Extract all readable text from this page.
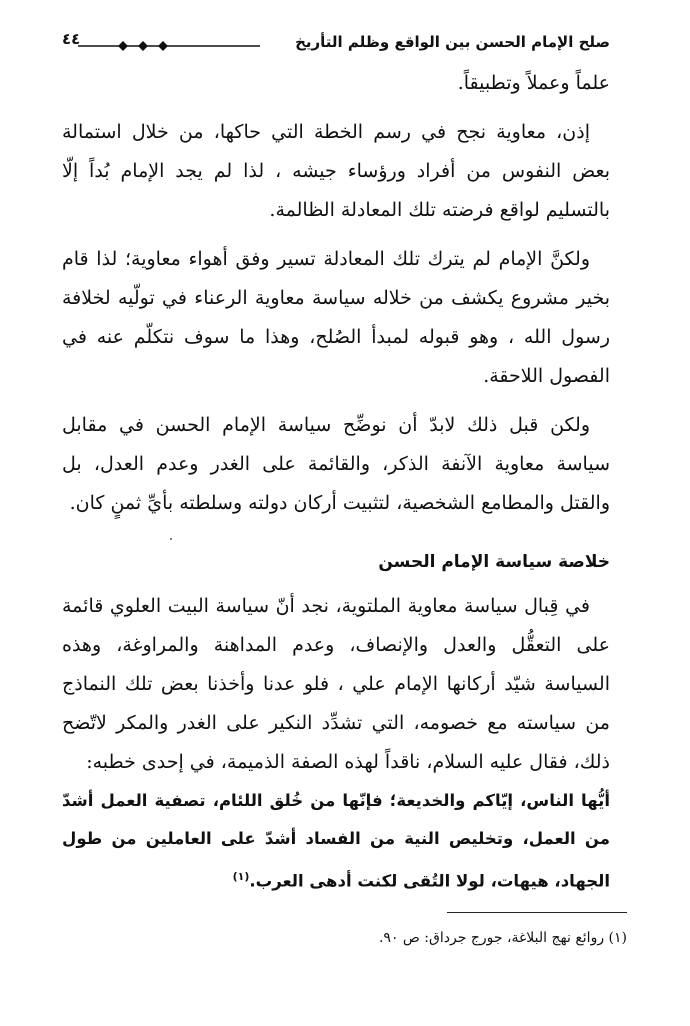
صلح الإمام الحسن بين الواقع وظلم التأريخ
٤٤

علماً وعملاً وتطبيقاً.

إذن، معاوية نجح في رسم الخطة التي حاكها، من خلال استمالة بعض النفوس من أفراد ورؤساء جيشه ، لذا لم يجد الإمام بُداً إلّا بالتسليم لواقع فرضته تلك المعادلة الظالمة.

ولكنَّ الإمام لم يترك تلك المعادلة تسير وفق أهواء معاوية؛ لذا قام بخير مشروع يكشف من خلاله سياسة معاوية الرعناء في تولّيه لخلافة رسول الله ، وهو قبوله لمبدأ الصُلح، وهذا ما سوف نتكلّم عنه في الفصول اللاحقة.

ولكن قبل ذلك لابدّ أن نوضِّح سياسة الإمام الحسن في مقابل سياسة معاوية الآنفة الذكر، والقائمة على الغدر وعدم العدل، بل والقتل والمطامع الشخصية، لتثبيت أركان دولته وسلطته بأيِّ ثمنٍ كان.

خلاصة سياسة الإمام الحسن

في قِبال سياسة معاوية الملتوية، نجد أنّ سياسة البيت العلوي قائمة على التعقُّل والعدل والإنصاف، وعدم المداهنة والمراوغة، وهذه السياسة شيّد أركانها الإمام علي ، فلو عدنا وأخذنا بعض تلك النماذج من سياسته مع خصومه، التي تشدِّد النكير على الغدر والمكر لاتّضح ذلك، فقال عليه السلام، ناقداً لهذه الصفة الذميمة، في إحدى خطبه:

أيُّها الناس، إيّاكم والخديعة؛ فإنّها من خُلق اللئام، تصفية العمل أشدّ من العمل، وتخليص النية من الفساد أشدّ على العاملين من طول الجهاد، هيهات، لولا التُقى لكنت أدهى العرب.$^{(١)}$

(١) روائع نهج البلاغة، جورج جرداق: ص ٩٠.
